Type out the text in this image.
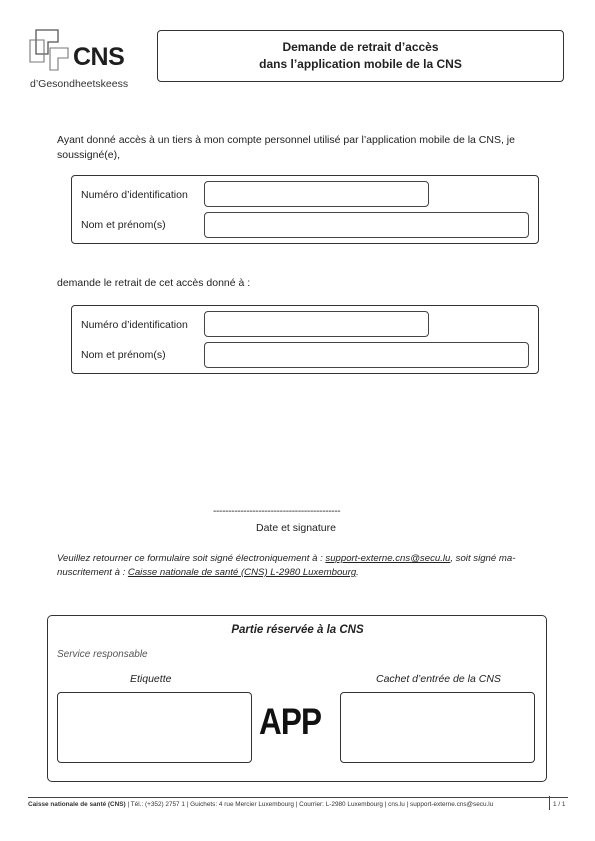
CNS
d’Gesondheetskeess
Demande de retrait d’accès
dans l’application mobile de la CNS
Ayant donné accès à un tiers à mon compte personnel utilisé par l’application mobile de la CNS, je soussigné(e),
Numéro d’identification
Nom et prénom(s)
demande le retrait de cet accès donné à :
Numéro d’identification
Nom et prénom(s)
------------------------------------------
Date et signature
Veuillez retourner ce formulaire soit signé électroniquement à : support-externe.cns@secu.lu, soit signé ma-nuscritement à : Caisse nationale de santé (CNS) L-2980 Luxembourg.
Partie réservée à la CNS
Service responsable
Etiquette	Cachet d’entrée de la CNS
APP
Caisse nationale de santé (CNS) | Tél.: (+352) 2757 1 | Guichets: 4 rue Mercier Luxembourg | Courrier: L-2980 Luxembourg | cns.lu | support-externe.cns@secu.lu	1 / 1
